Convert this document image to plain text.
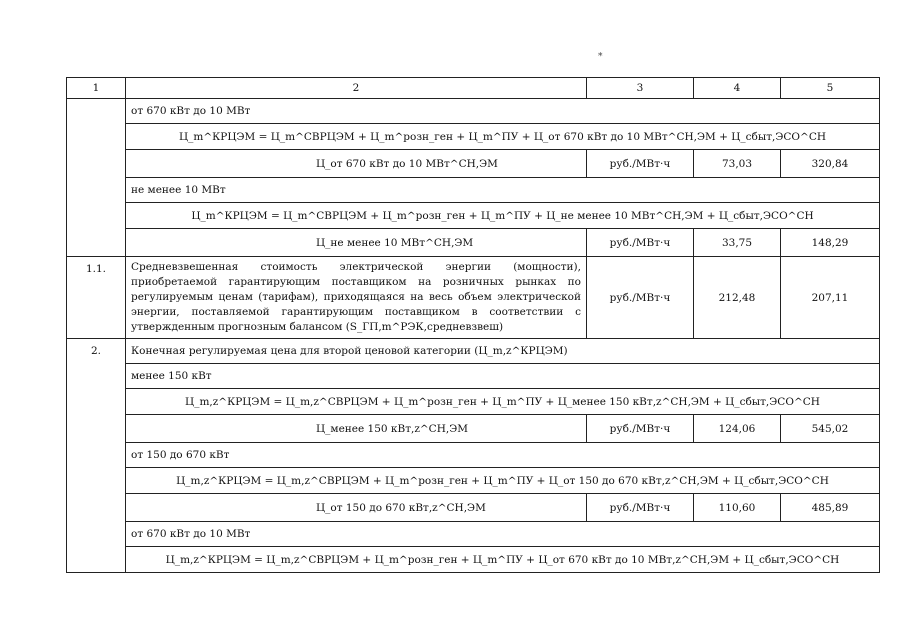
*
1	2	3	4	5
	от 670 кВт до 10 МВт			
	Ц_m^КРЦЭМ = Ц_m^СВРЦЭМ + Ц_m^розн_ген + Ц_m^ПУ + Ц_от 670 кВт до 10 МВт^СН,ЭМ + Ц_сбыт,ЭСО^СН			
	Ц_от 670 кВт до 10 МВт^СН,ЭМ	руб./МВт·ч	73,03	320,84
	не менее 10 МВт			
	Ц_m^КРЦЭМ = Ц_m^СВРЦЭМ + Ц_m^розн_ген + Ц_m^ПУ + Ц_не менее 10 МВт^СН,ЭМ + Ц_сбыт,ЭСО^СН			
	Ц_не менее 10 МВт^СН,ЭМ	руб./МВт·ч	33,75	148,29
1.1.	Средневзвешенная стоимость электрической энергии (мощности), приобретаемой гарантирующим поставщиком на розничных рынках по регулируемым ценам (тарифам), приходящаяся на весь объем электрической энергии, поставляемой гарантирующим поставщиком в соответствии с утвержденным прогнозным балансом (S_ГП,m^РЭК,средневзвеш)	руб./МВт·ч	212,48	207,11
2.	Конечная регулируемая цена для второй ценовой категории (Ц_m,z^КРЦЭМ)			
	менее 150 кВт			
	Ц_m,z^КРЦЭМ = Ц_m,z^СВРЦЭМ + Ц_m^розн_ген + Ц_m^ПУ + Ц_менее 150 кВт,z^СН,ЭМ + Ц_сбыт,ЭСО^СН			
	Ц_менее 150 кВт,z^СН,ЭМ	руб./МВт·ч	124,06	545,02
	от 150 до 670 кВт			
	Ц_m,z^КРЦЭМ = Ц_m,z^СВРЦЭМ + Ц_m^розн_ген + Ц_m^ПУ + Ц_от 150 до 670 кВт,z^СН,ЭМ + Ц_сбыт,ЭСО^СН			
	Ц_от 150 до 670 кВт,z^СН,ЭМ	руб./МВт·ч	110,60	485,89
	от 670 кВт до 10 МВт			
	Ц_m,z^КРЦЭМ = Ц_m,z^СВРЦЭМ + Ц_m^розн_ген + Ц_m^ПУ + Ц_от 670 кВт до 10 МВт,z^СН,ЭМ + Ц_сбыт,ЭСО^СН			
